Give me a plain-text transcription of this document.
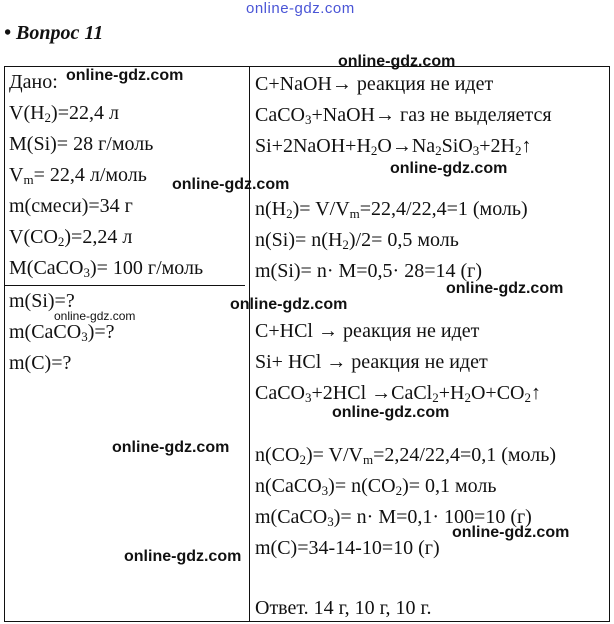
online-gdz.com
• Вопрос 11
Дано:
$V(H_2)=22,4$ л
M(Si)= 28 г/моль
$V_m= 22,4$ л/моль
m(смеси)=34 г
$V(CO_2)=2,24$ л
M(CaCO$_3$)= 100 г/моль
m(Si)=?
m(CaCO$_3$)=?
m(C)=?
C+NaOH→ реакция не идет
CaCO$_3$+NaOH→ газ не выделяется
$Si+2NaOH+H_2O\to Na_2SiO_3+2H_2↑$
$n(H_2)= V/V_m=22,4/22,4=1$ (моль)
$n(Si)= n(H_2)/2= 0,5$ моль
m(Si)= n· M=0,5· 28=14 (г)
C+HCl → реакция не идет
Si+ HCl → реакция не идет
CaCO$_3$+2HCl $\to CaCl_2+H_2O+CO_2↑$
$n(CO_2)= V/V_m=2,24/22,4=0,1$ (моль)
n(CaCO$_3$)= $n(CO_2)= 0,1$ моль
m(CaCO$_3$)= n· M=0,1· 100=10 (г)
m(C)=34-14-10=10 (г)
Ответ. 14 г, 10 г, 10 г.
online-gdz.com
online-gdz.com
online-gdz.com
online-gdz.com
online-gdz.com
online-gdz.com
online-gdz.com
online-gdz.com
online-gdz.com
online-gdz.com
online-gdz.com
